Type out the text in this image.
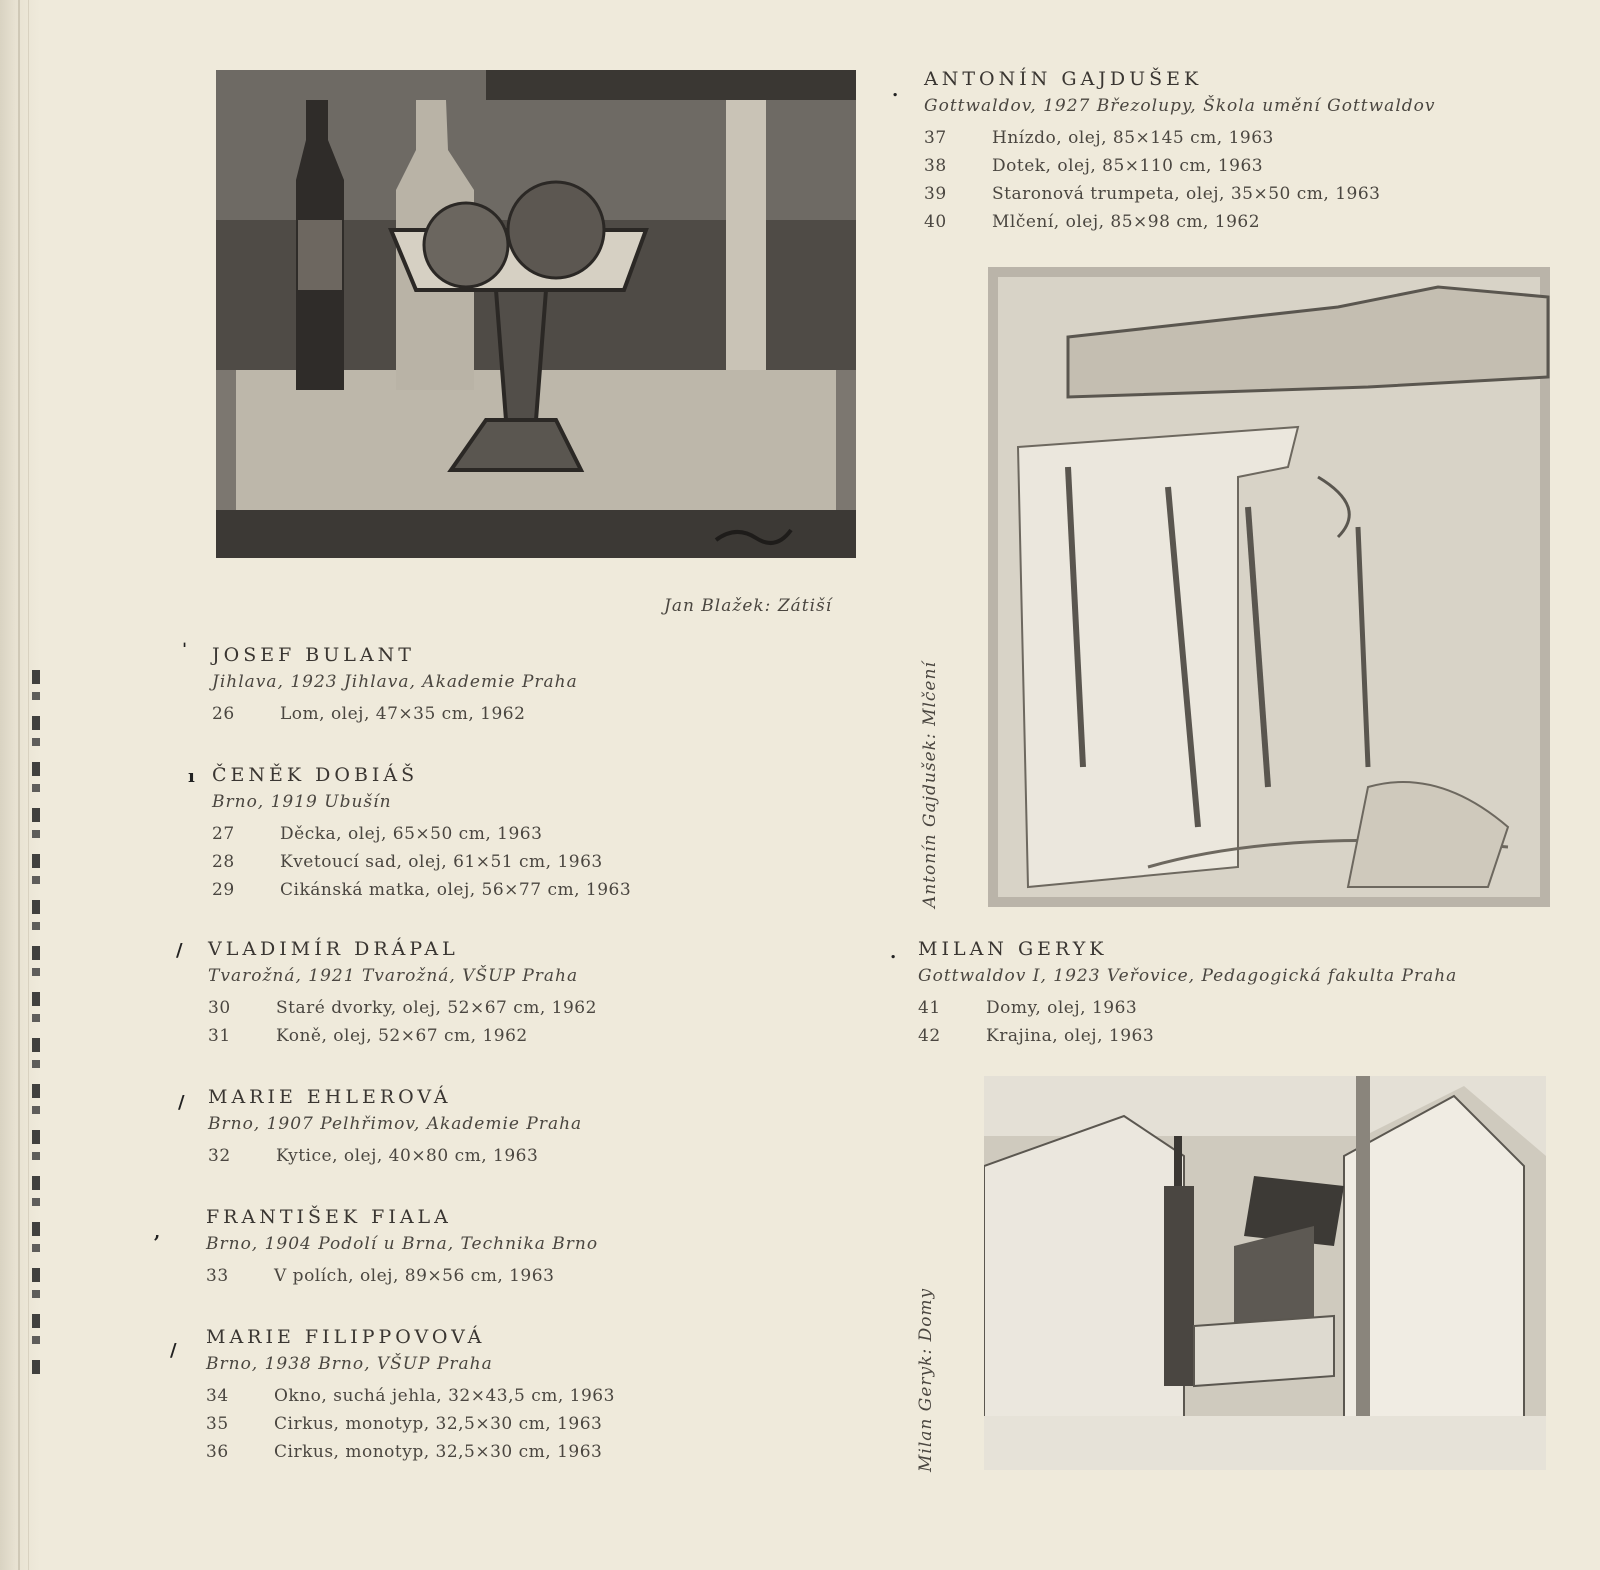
Jan Blažek: Zátiší
Antonín Gajdušek: Mlčení
Milan Geryk: Domy
ˈ
ı
/
/
,
/
.
.

JOSEF BULANT

Jihlava, 1923 Jihlava, Akademie Praha

26	Lom, olej, 47×35 cm, 1962

ČENĚK DOBIÁŠ

Brno, 1919 Ubušín

27	Děcka, olej, 65×50 cm, 1963
28	Kvetoucí sad, olej, 61×51 cm, 1963
29	Cikánská matka, olej, 56×77 cm, 1963

VLADIMÍR DRÁPAL

Tvarožná, 1921 Tvarožná, VŠUP Praha

30	Staré dvorky, olej, 52×67 cm, 1962
31	Koně, olej, 52×67 cm, 1962

MARIE EHLEROVÁ

Brno, 1907 Pelhřimov, Akademie Praha

32	Kytice, olej, 40×80 cm, 1963

FRANTIŠEK FIALA

Brno, 1904 Podolí u Brna, Technika Brno

33	V polích, olej, 89×56 cm, 1963

MARIE FILIPPOVOVÁ

Brno, 1938 Brno, VŠUP Praha

34	Okno, suchá jehla, 32×43,5 cm, 1963
35	Cirkus, monotyp, 32,5×30 cm, 1963
36	Cirkus, monotyp, 32,5×30 cm, 1963

ANTONÍN GAJDUŠEK

Gottwaldov, 1927 Březolupy, Škola umění Gottwaldov

37	Hnízdo, olej, 85×145 cm, 1963
38	Dotek, olej, 85×110 cm, 1963
39	Staronová trumpeta, olej, 35×50 cm, 1963
40	Mlčení, olej, 85×98 cm, 1962

MILAN GERYK

Gottwaldov I, 1923 Veřovice, Pedagogická fakulta Praha

41	Domy, olej, 1963
42	Krajina, olej, 1963
